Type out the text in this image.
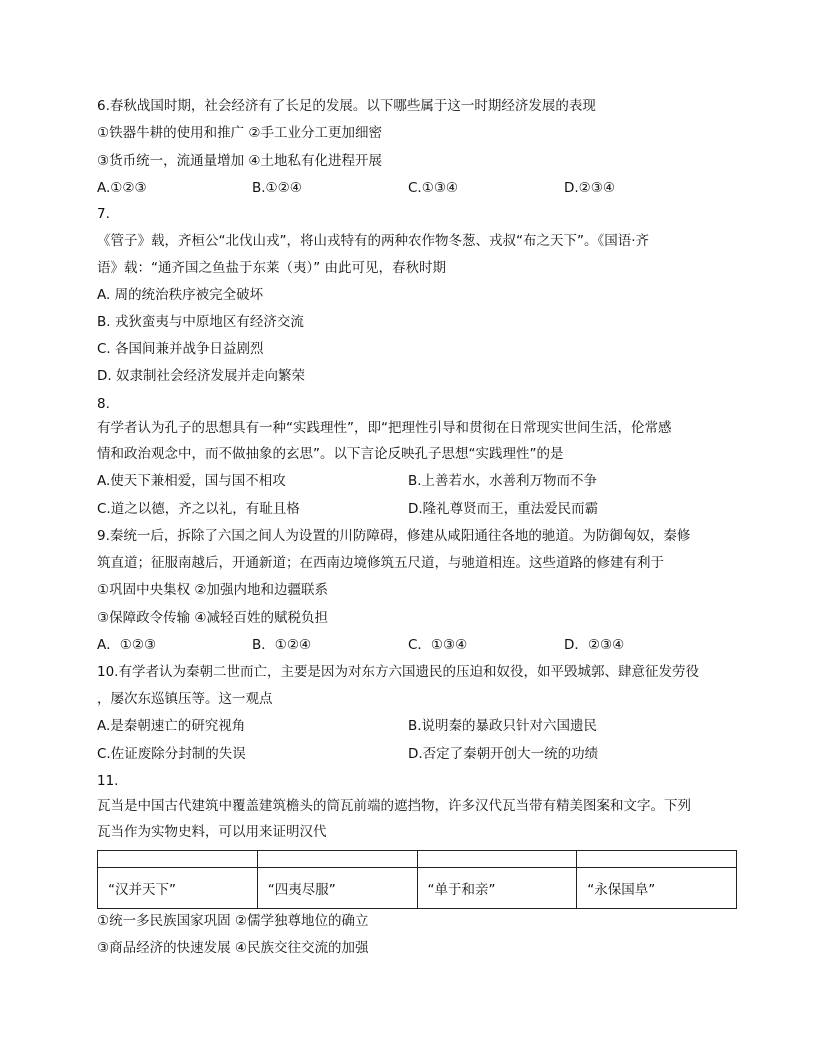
6.春秋战国时期，社会经济有了长足的发展。以下哪些属于这一时期经济发展的表现
①铁器牛耕的使用和推广 ②手工业分工更加细密
③货币统一，流通量增加 ④土地私有化进程开展
A.①②③	B.①②④	C.①③④	D.②③④
7.
《管子》载，齐桓公“北伐山戎”，将山戎特有的两种农作物冬葱、戎叔“布之天下”。《国语·齐
语》载：“通齐国之鱼盐于东莱（夷）” 由此可见，春秋时期
A. 周的统治秩序被完全破坏
B. 戎狄蛮夷与中原地区有经济交流
C. 各国间兼并战争日益剧烈
D. 奴隶制社会经济发展并走向繁荣
8.
有学者认为孔子的思想具有一种“实践理性”，即“把理性引导和贯彻在日常现实世间生活，伦常感
情和政治观念中，而不做抽象的玄思”。以下言论反映孔子思想“实践理性”的是
A.使天下兼相爱，国与国不相攻	B.上善若水，水善利万物而不争
C.道之以德，齐之以礼，有耻且格	D.隆礼尊贤而王，重法爱民而霸
9.秦统一后，拆除了六国之间人为设置的川防障碍，修建从咸阳通往各地的驰道。为防御匈奴，秦修
筑直道；征服南越后，开通新道；在西南边境修筑五尺道，与驰道相连。这些道路的修建有利于
①巩固中央集权 ②加强内地和边疆联系
③保障政令传输 ④减轻百姓的赋税负担
A．①②③	B．①②④	C．①③④	D．②③④
10.有学者认为秦朝二世而亡，主要是因为对东方六国遗民的压迫和奴役，如平毁城郭、肆意征发劳役
，屡次东巡镇压等。这一观点
A.是秦朝速亡的研究视角	B.说明秦的暴政只针对六国遗民
C.佐证废除分封制的失误	D.否定了秦朝开创大一统的功绩
11.
瓦当是中国古代建筑中覆盖建筑檐头的筒瓦前端的遮挡物，许多汉代瓦当带有精美图案和文字。下列
瓦当作为实物史料，可以用来证明汉代

“汉并天下”	“四夷尽服”	“单于和亲”	“永保国阜”
①统一多民族国家巩固 ②儒学独尊地位的确立
③商品经济的快速发展 ④民族交往交流的加强
